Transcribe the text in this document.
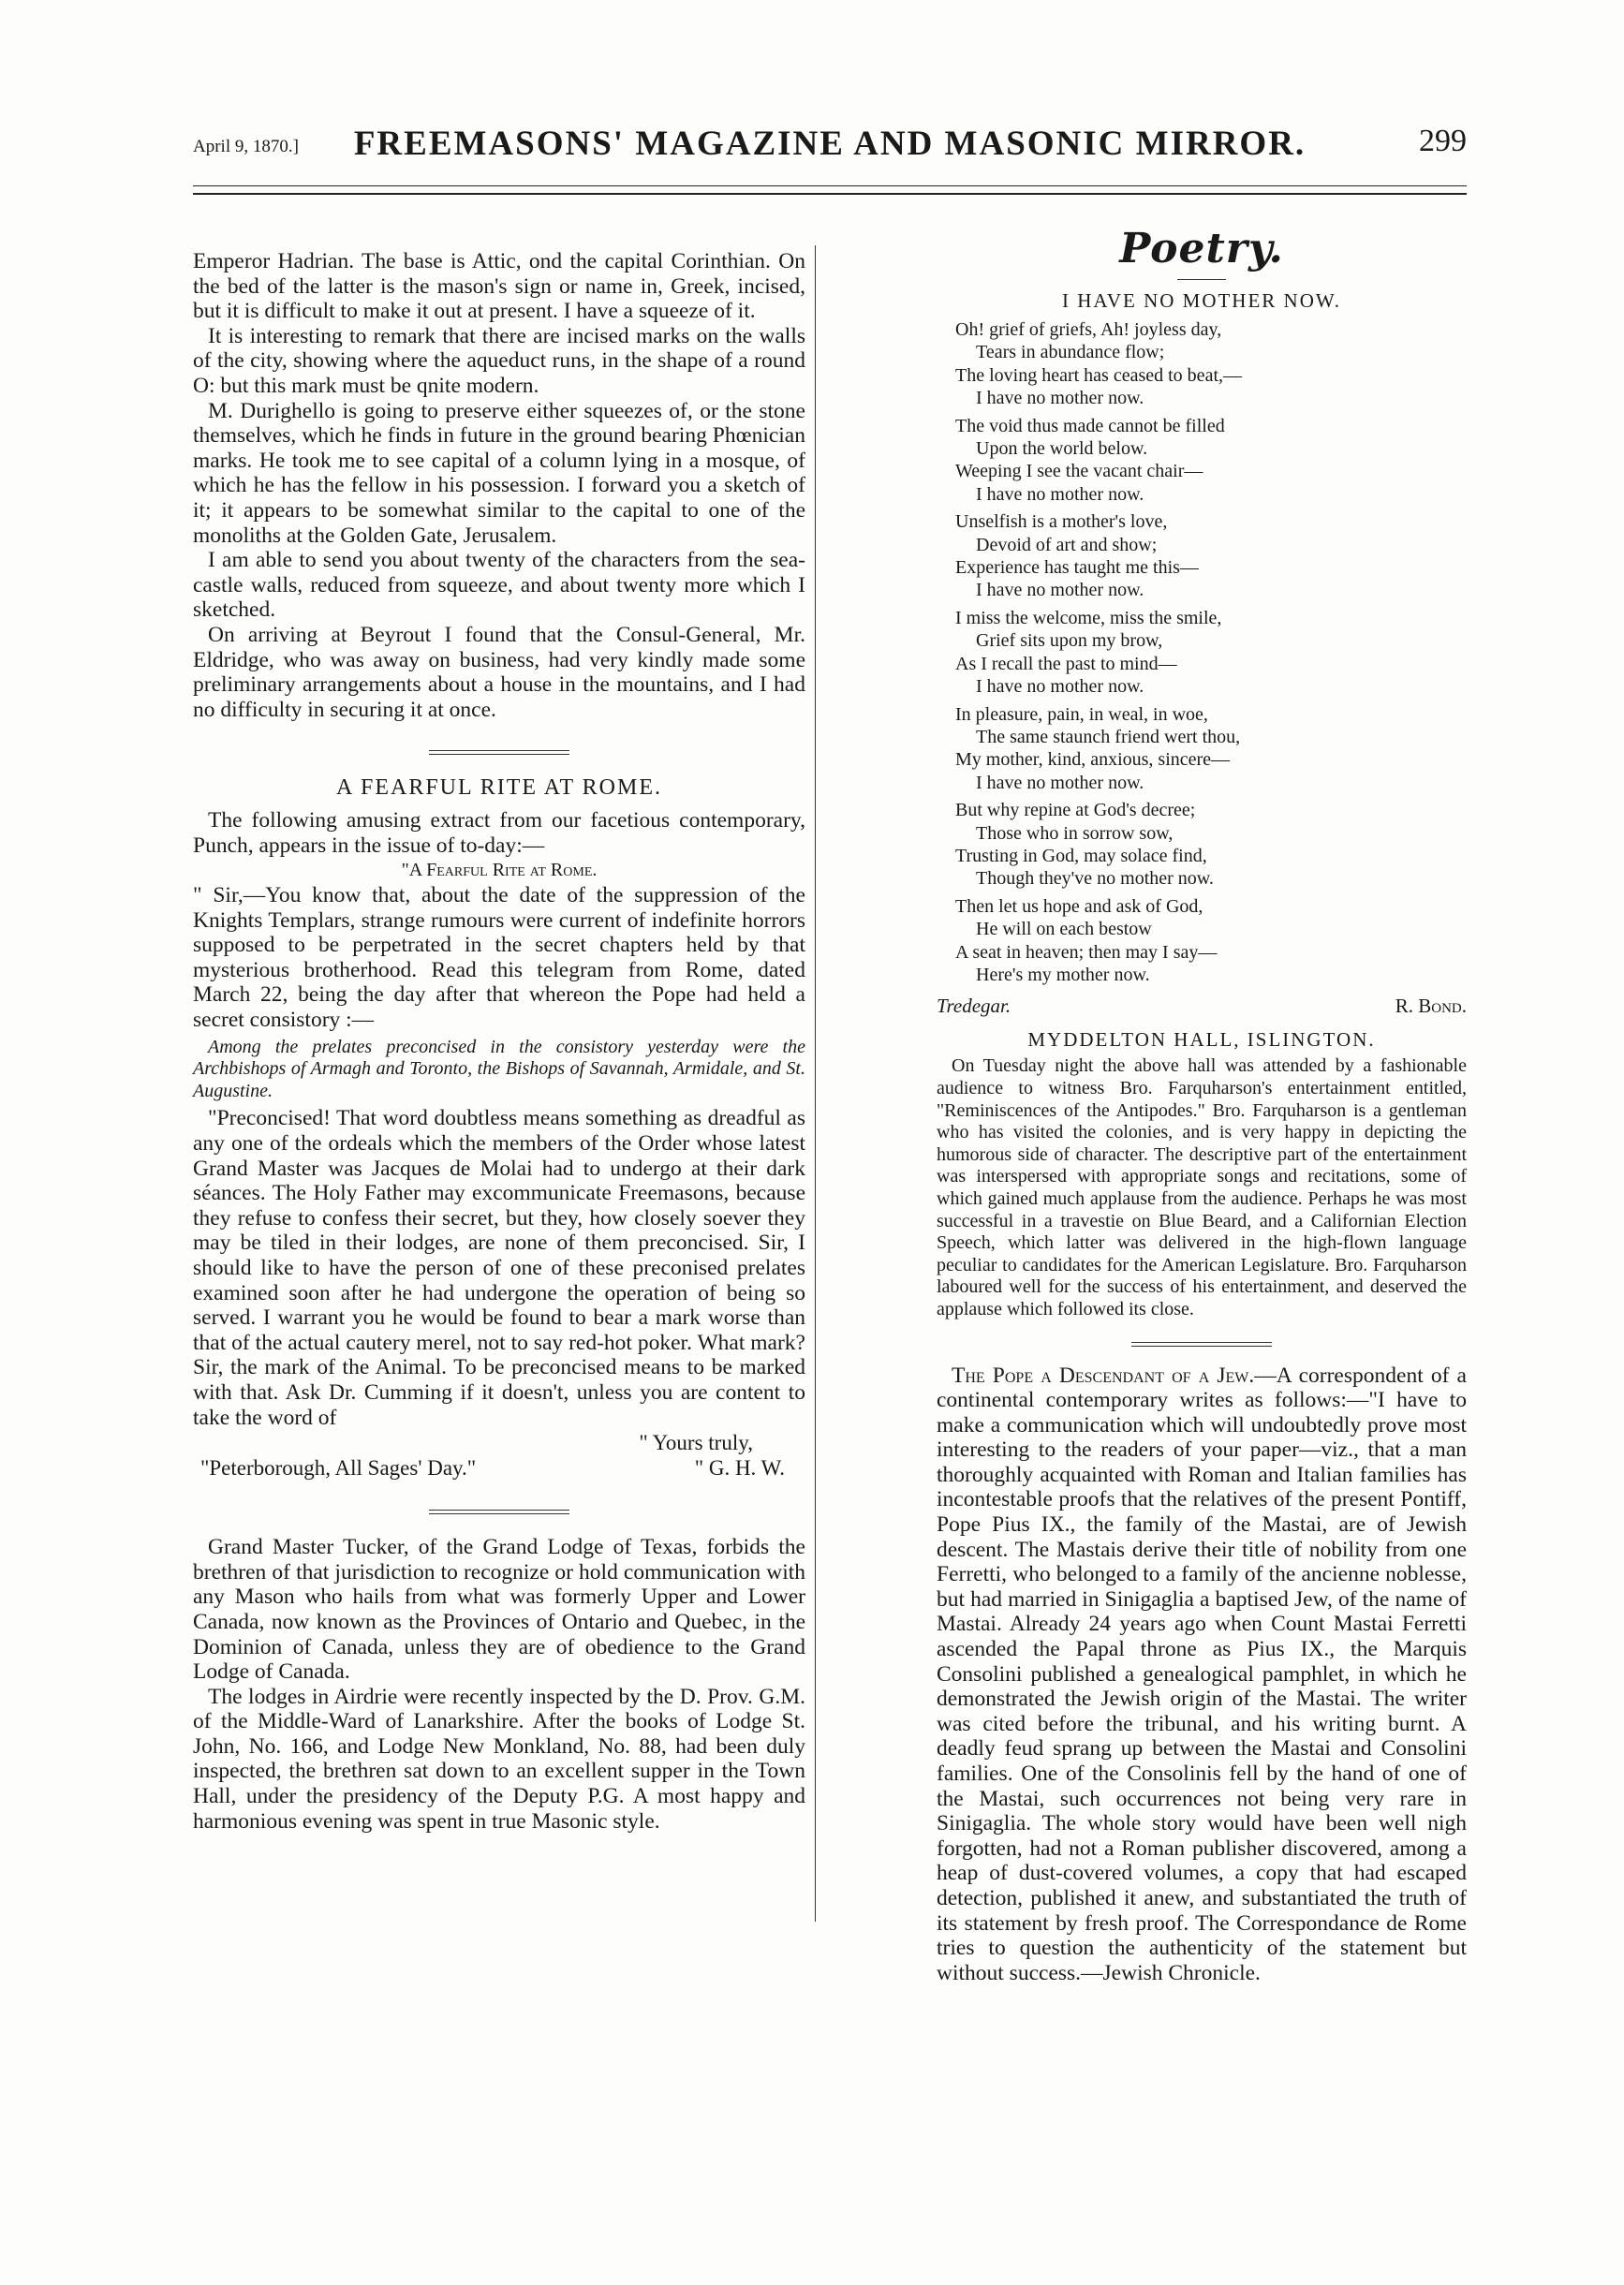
April 9, 1870.]	FREEMASONS' MAGAZINE AND MASONIC MIRROR.	299

Emperor Hadrian. The base is Attic, ond the capital Corinthian. On the bed of the latter is the mason's sign or name in, Greek, incised, but it is difficult to make it out at present. I have a squeeze of it.

It is interesting to remark that there are incised marks on the walls of the city, showing where the aqueduct runs, in the shape of a round O: but this mark must be qnite modern.

M. Durighello is going to preserve either squeezes of, or the stone themselves, which he finds in future in the ground bearing Phœnician marks. He took me to see capital of a column lying in a mosque, of which he has the fellow in his possession. I forward you a sketch of it; it appears to be somewhat similar to the capital to one of the monoliths at the Golden Gate, Jerusalem.

I am able to send you about twenty of the characters from the sea-castle walls, reduced from squeeze, and about twenty more which I sketched.

On arriving at Beyrout I found that the Consul-General, Mr. Eldridge, who was away on business, had very kindly made some preliminary arrangements about a house in the mountains, and I had no difficulty in securing it at once.

A FEARFUL RITE AT ROME.

The following amusing extract from our facetious contemporary, Punch, appears in the issue of to-day:—

"A Fearful Rite at Rome.

" Sir,—You know that, about the date of the suppression of the Knights Templars, strange rumours were current of indefinite horrors supposed to be perpetrated in the secret chapters held by that mysterious brotherhood. Read this telegram from Rome, dated March 22, being the day after that whereon the Pope had held a secret consistory :—

Among the prelates preconcised in the consistory yesterday were the Archbishops of Armagh and Toronto, the Bishops of Savannah, Armidale, and St. Augustine.

"Preconcised! That word doubtless means something as dreadful as any one of the ordeals which the members of the Order whose latest Grand Master was Jacques de Molai had to undergo at their dark séances. The Holy Father may excommunicate Freemasons, because they refuse to confess their secret, but they, how closely soever they may be tiled in their lodges, are none of them preconcised. Sir, I should like to have the person of one of these preconised prelates examined soon after he had undergone the operation of being so served. I warrant you he would be found to bear a mark worse than that of the actual cautery merel, not to say red-hot poker. What mark? Sir, the mark of the Animal. To be preconcised means to be marked with that. Ask Dr. Cumming if it doesn't, unless you are content to take the word of

" Yours truly,

"Peterborough, All Sages' Day."	" G. H. W.

Grand Master Tucker, of the Grand Lodge of Texas, forbids the brethren of that jurisdiction to recognize or hold communication with any Mason who hails from what was formerly Upper and Lower Canada, now known as the Provinces of Ontario and Quebec, in the Dominion of Canada, unless they are of obedience to the Grand Lodge of Canada.

The lodges in Airdrie were recently inspected by the D. Prov. G.M. of the Middle-Ward of Lanarkshire. After the books of Lodge St. John, No. 166, and Lodge New Monkland, No. 88, had been duly inspected, the brethren sat down to an excellent supper in the Town Hall, under the presidency of the Deputy P.G. A most happy and harmonious evening was spent in true Masonic style.

Poetry.

I HAVE NO MOTHER NOW.

Oh! grief of griefs, Ah! joyless day,
Tears in abundance flow;
The loving heart has ceased to beat,—
I have no mother now.
The void thus made cannot be filled
Upon the world below.
Weeping I see the vacant chair—
I have no mother now.
Unselfish is a mother's love,
Devoid of art and show;
Experience has taught me this—
I have no mother now.
I miss the welcome, miss the smile,
Grief sits upon my brow,
As I recall the past to mind—
I have no mother now.
In pleasure, pain, in weal, in woe,
The same staunch friend wert thou,
My mother, kind, anxious, sincere—
I have no mother now.
But why repine at God's decree;
Those who in sorrow sow,
Trusting in God, may solace find,
Though they've no mother now.
Then let us hope and ask of God,
He will on each bestow
A seat in heaven; then may I say—
Here's my mother now.
Tredegar.	R. Bond.

MYDDELTON HALL, ISLINGTON.

On Tuesday night the above hall was attended by a fashionable audience to witness Bro. Farquharson's entertainment entitled, "Reminiscences of the Antipodes." Bro. Farquharson is a gentleman who has visited the colonies, and is very happy in depicting the humorous side of character. The descriptive part of the entertainment was interspersed with appropriate songs and recitations, some of which gained much applause from the audience. Perhaps he was most successful in a travestie on Blue Beard, and a Californian Election Speech, which latter was delivered in the high-flown language peculiar to candidates for the American Legislature. Bro. Farquharson laboured well for the success of his entertainment, and deserved the applause which followed its close.

The Pope a Descendant of a Jew.—A correspondent of a continental contemporary writes as follows:—"I have to make a communication which will undoubtedly prove most interesting to the readers of your paper—viz., that a man thoroughly acquainted with Roman and Italian families has incontestable proofs that the relatives of the present Pontiff, Pope Pius IX., the family of the Mastai, are of Jewish descent. The Mastais derive their title of nobility from one Ferretti, who belonged to a family of the ancienne noblesse, but had married in Sinigaglia a baptised Jew, of the name of Mastai. Already 24 years ago when Count Mastai Ferretti ascended the Papal throne as Pius IX., the Marquis Consolini published a genealogical pamphlet, in which he demonstrated the Jewish origin of the Mastai. The writer was cited before the tribunal, and his writing burnt. A deadly feud sprang up between the Mastai and Consolini families. One of the Consolinis fell by the hand of one of the Mastai, such occurrences not being very rare in Sinigaglia. The whole story would have been well nigh forgotten, had not a Roman publisher discovered, among a heap of dust-covered volumes, a copy that had escaped detection, published it anew, and substantiated the truth of its statement by fresh proof. The Correspondance de Rome tries to question the authenticity of the statement but without success.—Jewish Chronicle.
